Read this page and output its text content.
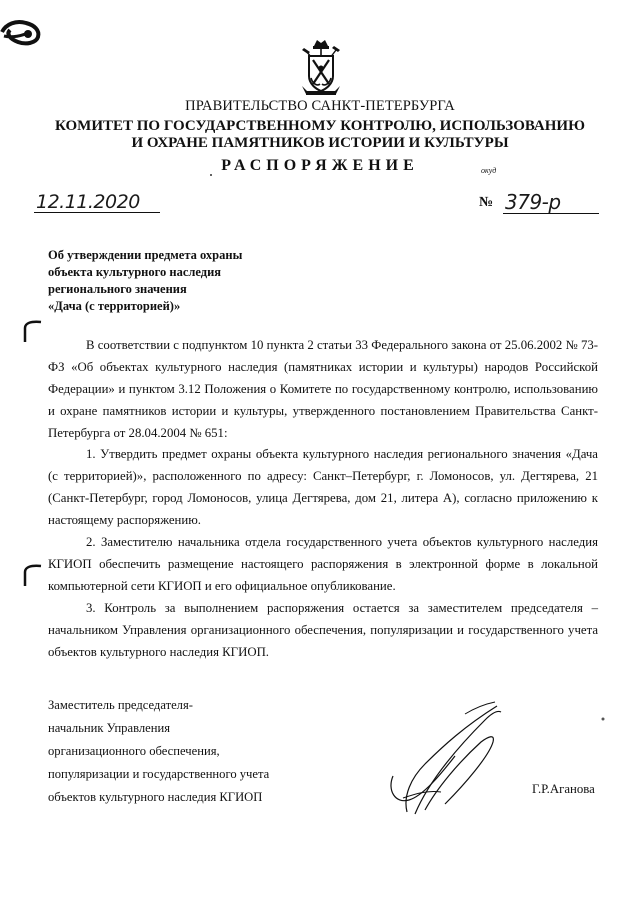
ПРАВИТЕЛЬСТВО САНКТ-ПЕТЕРБУРГА
КОМИТЕТ ПО ГОСУДАРСТВЕННОМУ КОНТРОЛЮ, ИСПОЛЬЗОВАНИЮ
И ОХРАНЕ ПАМЯТНИКОВ ИСТОРИИ И КУЛЬТУРЫ
РАСПОРЯЖЕНИЕ	окуд
12.11.2020	№ 379-р
Об утверждении предмета охраны
объекта культурного наследия
регионального значения
«Дача (с территорией)»

В соответствии с подпунктом 10 пункта 2 статьи 33 Федерального закона от 25.06.2002 № 73-ФЗ «Об объектах культурного наследия (памятниках истории и культуры) народов Российской Федерации» и пунктом 3.12 Положения о Комитете по государственному контролю, использованию и охране памятников истории и культуры, утвержденного постановлением Правительства Санкт-Петербурга от 28.04.2004 № 651:

1. Утвердить предмет охраны объекта культурного наследия регионального значения «Дача (с территорией)», расположенного по адресу: Санкт–Петербург, г. Ломоносов, ул. Дегтярева, 21 (Санкт-Петербург, город Ломоносов, улица Дегтярева, дом 21, литера А), согласно приложению к настоящему распоряжению.

2. Заместителю начальника отдела государственного учета объектов культурного наследия КГИОП обеспечить размещение настоящего распоряжения в электронной форме в локальной компьютерной сети КГИОП и его официальное опубликование.

3. Контроль за выполнением распоряжения остается за заместителем председателя – начальником Управления организационного обеспечения, популяризации и государственного учета объектов культурного наследия КГИОП.

Заместитель председателя-
начальник Управления
организационного обеспечения,
популяризации и государственного учета
объектов культурного наследия КГИОП
Г.Р.Аганова
